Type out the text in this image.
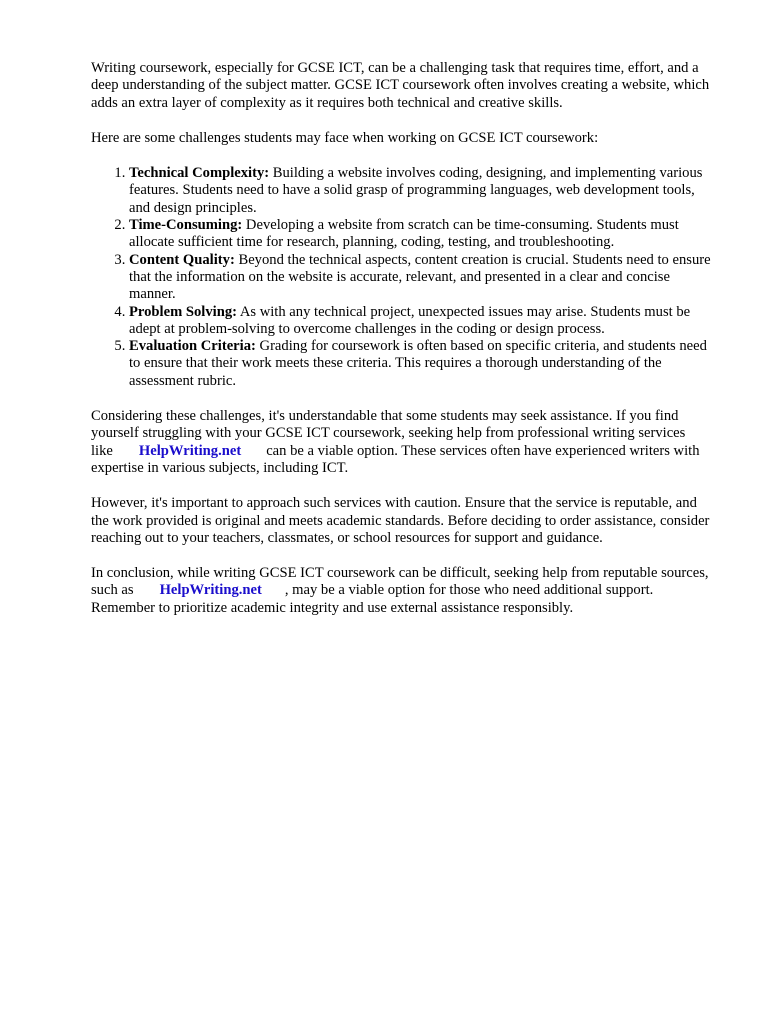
Writing coursework, especially for GCSE ICT, can be a challenging task that requires time, effort, and a deep understanding of the subject matter. GCSE ICT coursework often involves creating a website, which adds an extra layer of complexity as it requires both technical and creative skills.

Here are some challenges students may face when working on GCSE ICT coursework:

1. Technical Complexity: Building a website involves coding, designing, and implementing various features. Students need to have a solid grasp of programming languages, web development tools, and design principles.
2. Time-Consuming: Developing a website from scratch can be time-consuming. Students must allocate sufficient time for research, planning, coding, testing, and troubleshooting.
3. Content Quality: Beyond the technical aspects, content creation is crucial. Students need to ensure that the information on the website is accurate, relevant, and presented in a clear and concise manner.
4. Problem Solving: As with any technical project, unexpected issues may arise. Students must be adept at problem-solving to overcome challenges in the coding or design process.
5. Evaluation Criteria: Grading for coursework is often based on specific criteria, and students need to ensure that their work meets these criteria. This requires a thorough understanding of the assessment rubric.

Considering these challenges, it's understandable that some students may seek assistance. If you find yourself struggling with your GCSE ICT coursework, seeking help from professional writing services like HelpWriting.net can be a viable option. These services often have experienced writers with expertise in various subjects, including ICT.

However, it's important to approach such services with caution. Ensure that the service is reputable, and the work provided is original and meets academic standards. Before deciding to order assistance, consider reaching out to your teachers, classmates, or school resources for support and guidance.

In conclusion, while writing GCSE ICT coursework can be difficult, seeking help from reputable sources, such as HelpWriting.net , may be a viable option for those who need additional support. Remember to prioritize academic integrity and use external assistance responsibly.
